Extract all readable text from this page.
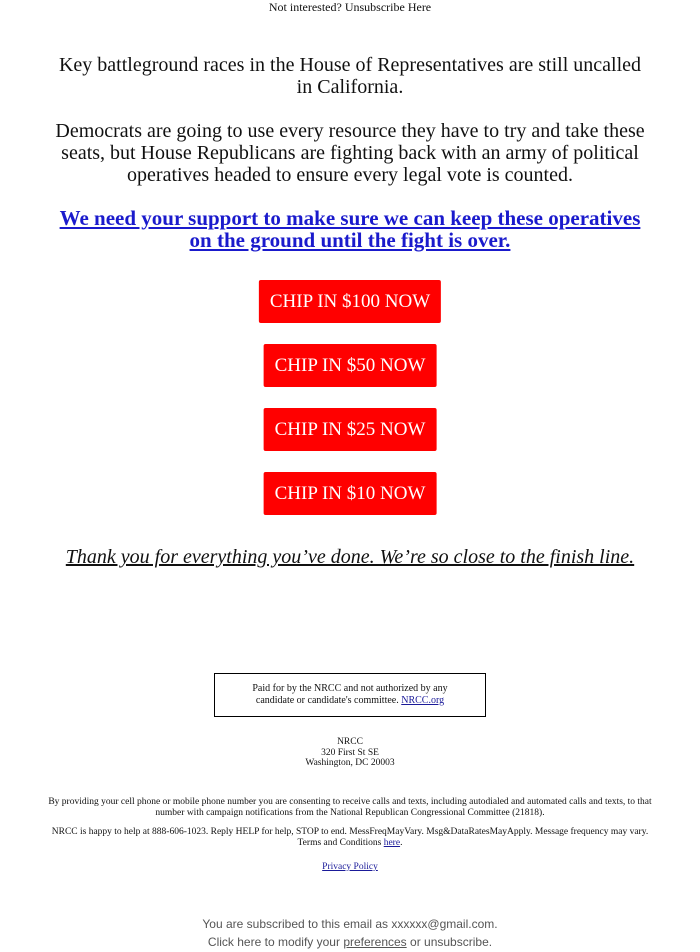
Not interested? Unsubscribe Here
Key battleground races in the House of Representatives are still uncalled in California.
Democrats are going to use every resource they have to try and take these seats, but House Republicans are fighting back with an army of political operatives headed to ensure every legal vote is counted.
We need your support to make sure we can keep these operatives on the ground until the fight is over.
CHIP IN $100 NOW
CHIP IN $50 NOW
CHIP IN $25 NOW
CHIP IN $10 NOW
Thank you for everything you’ve done. We’re so close to the finish line.
Paid for by the NRCC and not authorized by any candidate or candidate's committee. NRCC.org
NRCC
320 First St SE
Washington, DC 20003
By providing your cell phone or mobile phone number you are consenting to receive calls and texts, including autodialed and automated calls and texts, to that number with campaign notifications from the National Republican Congressional Committee (21818).
NRCC is happy to help at 888-606-1023. Reply HELP for help, STOP to end. MessFreqMayVary. Msg&DataRatesMayApply. Message frequency may vary. Terms and Conditions here.
Privacy Policy
You are subscribed to this email as xxxxxx@gmail.com.
Click here to modify your preferences or unsubscribe.
